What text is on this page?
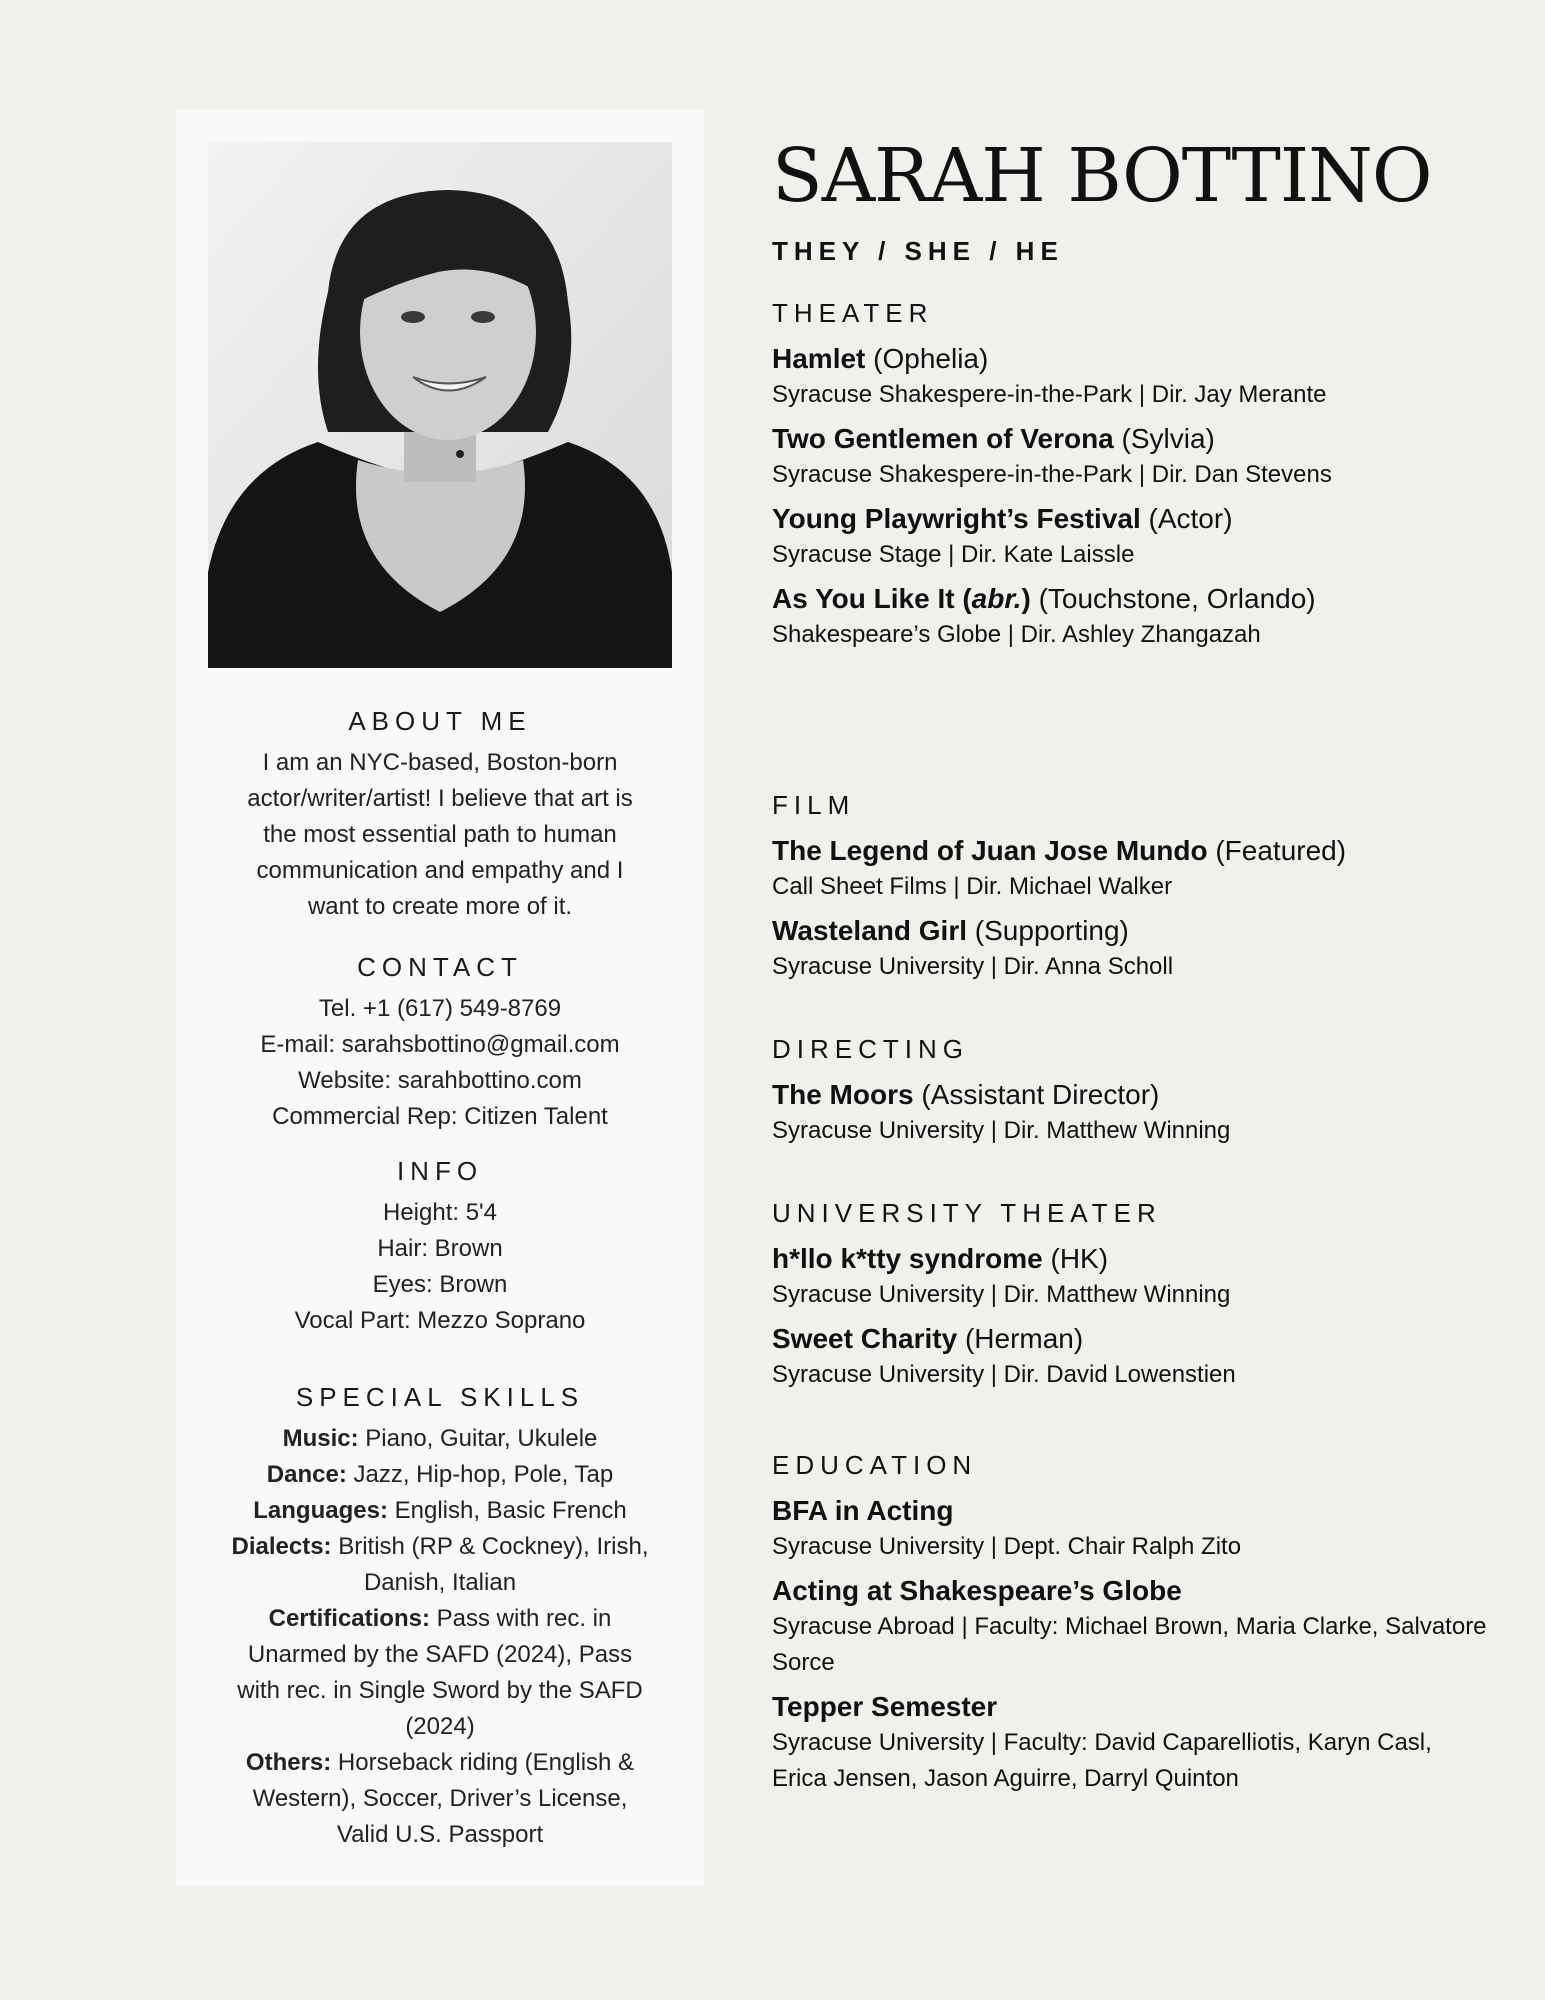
ABOUT ME
I am an NYC-based, Boston-born actor/writer/artist! I believe that art is the most essential path to human communication and empathy and I want to create more of it.
CONTACT
Tel. +1 (617) 549-8769
E-mail: sarahsbottino@gmail.com
Website: sarahbottino.com
Commercial Rep: Citizen Talent
INFO
Height: 5'4
Hair: Brown
Eyes: Brown
Vocal Part: Mezzo Soprano
SPECIAL SKILLS
Music: Piano, Guitar, Ukulele
Dance: Jazz, Hip-hop, Pole, Tap
Languages: English, Basic French
Dialects: British (RP & Cockney), Irish, Danish, Italian
Certifications: Pass with rec. in Unarmed by the SAFD (2024), Pass with rec. in Single Sword by the SAFD (2024)
Others: Horseback riding (English & Western), Soccer, Driver’s License, Valid U.S. Passport
SARAH BOTTINO
THEY / SHE / HE
THEATER
Hamlet (Ophelia)
Syracuse Shakespere-in-the-Park | Dir. Jay Merante
Two Gentlemen of Verona (Sylvia)
Syracuse Shakespere-in-the-Park | Dir. Dan Stevens
Young Playwright’s Festival (Actor)
Syracuse Stage | Dir. Kate Laissle
As You Like It (abr.) (Touchstone, Orlando)
Shakespeare’s Globe | Dir. Ashley Zhangazah
FILM
The Legend of Juan Jose Mundo (Featured)
Call Sheet Films | Dir. Michael Walker
Wasteland Girl (Supporting)
Syracuse University | Dir. Anna Scholl
DIRECTING
The Moors (Assistant Director)
Syracuse University | Dir. Matthew Winning
UNIVERSITY THEATER
h*llo k*tty syndrome (HK)
Syracuse University | Dir. Matthew Winning
Sweet Charity (Herman)
Syracuse University | Dir. David Lowenstien
EDUCATION
BFA in Acting
Syracuse University | Dept. Chair Ralph Zito
Acting at Shakespeare’s Globe
Syracuse Abroad | Faculty: Michael Brown, Maria Clarke, Salvatore Sorce
Tepper Semester
Syracuse University | Faculty: David Caparelliotis, Karyn Casl, Erica Jensen, Jason Aguirre, Darryl Quinton
